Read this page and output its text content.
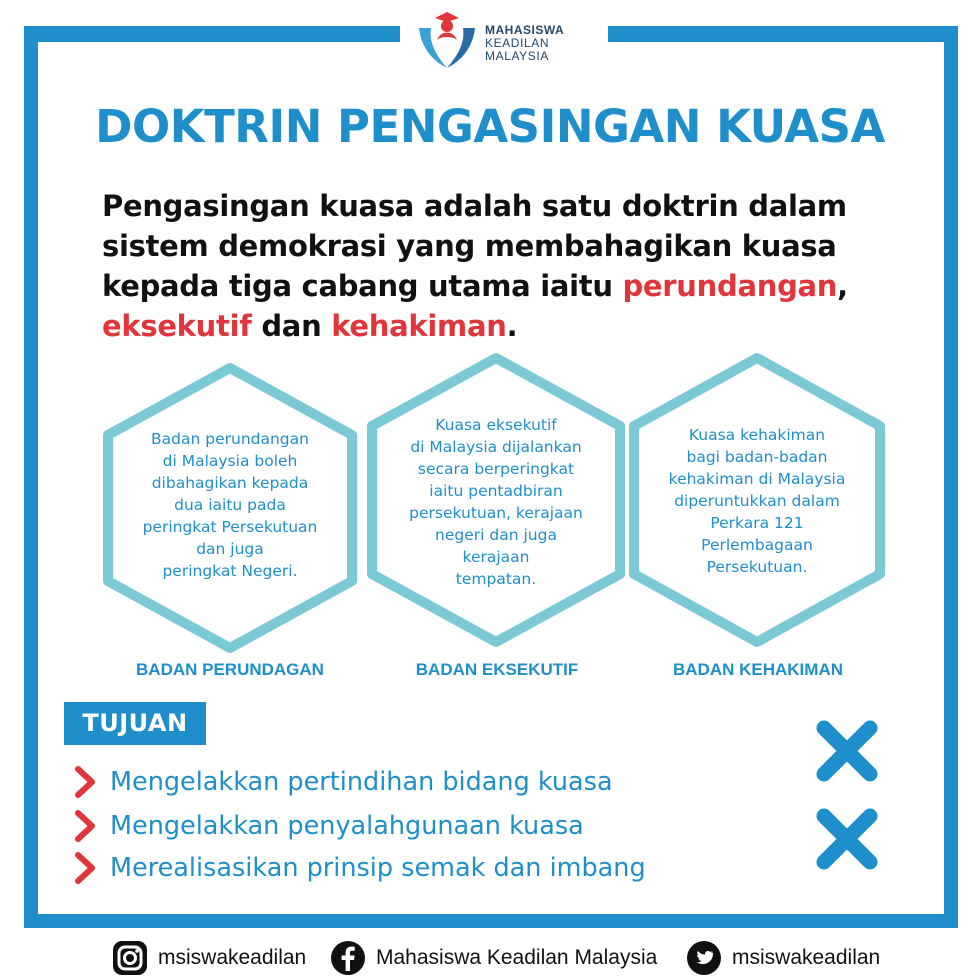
MAHASISWA
KEADILAN
MALAYSIA
DOKTRIN PENGASINGAN KUASA
Pengasingan kuasa adalah satu doktrin dalam sistem demokrasi yang membahagikan kuasa kepada tiga cabang utama iaitu perundangan, eksekutif dan kehakiman.
Badan perundangan
di Malaysia boleh
dibahagikan kepada
dua iaitu pada
peringkat Persekutuan
dan juga
peringkat Negeri.
BADAN PERUNDAGAN
Kuasa eksekutif
di Malaysia dijalankan
secara berperingkat
iaitu pentadbiran
persekutuan, kerajaan
negeri dan juga
kerajaan
tempatan.
BADAN EKSEKUTIF
Kuasa kehakiman
bagi badan-badan
kehakiman di Malaysia
diperuntukkan dalam
Perkara 121
Perlembagaan
Persekutuan.
BADAN KEHAKIMAN
TUJUAN
Mengelakkan pertindihan bidang kuasa
Mengelakkan penyalahgunaan kuasa
Merealisasikan prinsip semak dan imbang
msiswakeadilan	Mahasiswa Keadilan Malaysia	msiswakeadilan
